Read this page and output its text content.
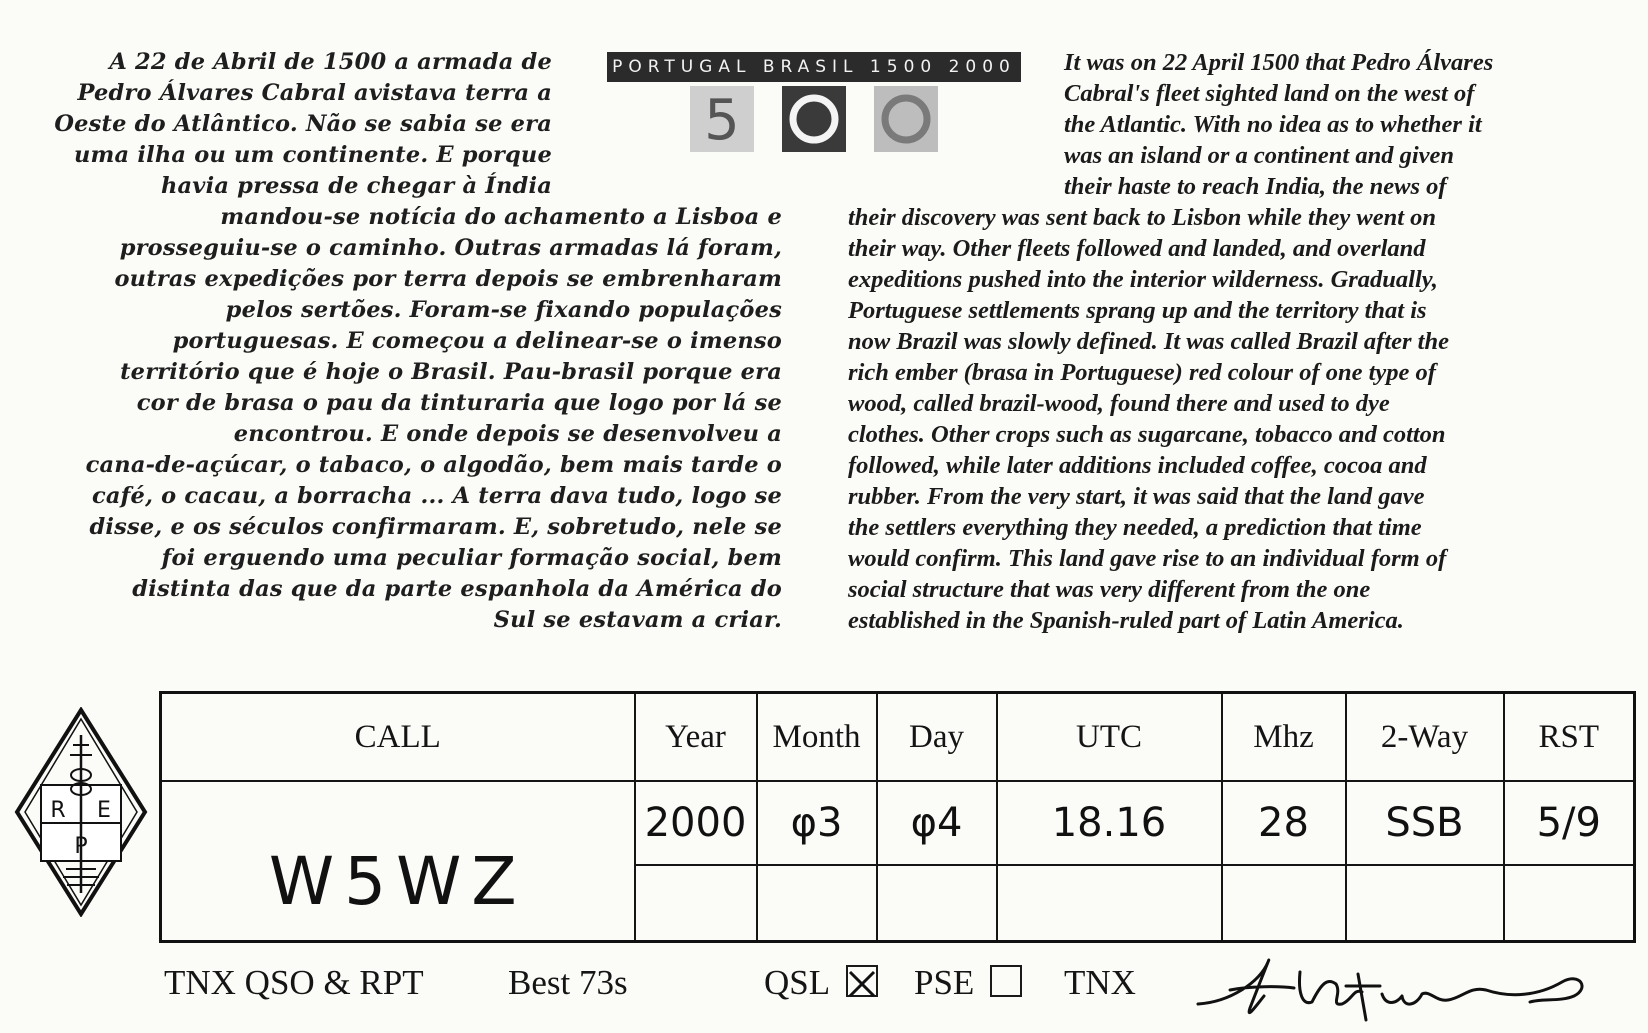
A 22 de Abril de 1500 a armada de
Pedro Álvares Cabral avistava terra a
Oeste do Atlântico. Não se sabia se era
uma ilha ou um continente. E porque
havia pressa de chegar à Índia
mandou-se notícia do achamento a Lisboa e
prosseguiu-se o caminho. Outras armadas lá foram,
outras expedições por terra depois se embrenharam
pelos sertões. Foram-se fixando populações
portuguesas. E começou a delinear-se o imenso
território que é hoje o Brasil. Pau-brasil porque era
cor de brasa o pau da tinturaria que logo por lá se
encontrou. E onde depois se desenvolveu a
cana-de-açúcar, o tabaco, o algodão, bem mais tarde o
café, o cacau, a borracha ... A terra dava tudo, logo se
disse, e os séculos confirmaram. E, sobretudo, nele se
foi erguendo uma peculiar formação social, bem
distinta das que da parte espanhola da América do
Sul se estavam a criar.
PORTUGAL BRASIL 1500 2000
5
It was on 22 April 1500 that Pedro Álvares
Cabral's fleet sighted land on the west of
the Atlantic. With no idea as to whether it
was an island or a continent and given
their haste to reach India, the news of
their discovery was sent back to Lisbon while they went on
their way. Other fleets followed and landed, and overland
expeditions pushed into the interior wilderness. Gradually,
Portuguese settlements sprang up and the territory that is
now Brazil was slowly defined. It was called Brazil after the
rich ember (brasa in Portuguese) red colour of one type of
wood, called brazil-wood, found there and used to dye
clothes. Other crops such as sugarcane, tobacco and cotton
followed, while later additions included coffee, cocoa and
rubber. From the very start, it was said that the land gave
the settlers everything they needed, a prediction that time
would confirm. This land gave rise to an individual form of
social structure that was very different from the one
established in the Spanish-ruled part of Latin America.
R E
P
CALL	Year	Month	Day	UTC	Mhz	2-Way	RST

W5WZ	2000	φ3	φ4	18.16	28	SSB	5/9

TNX QSO & RPT Best 73s	QSL PSE	TNX
